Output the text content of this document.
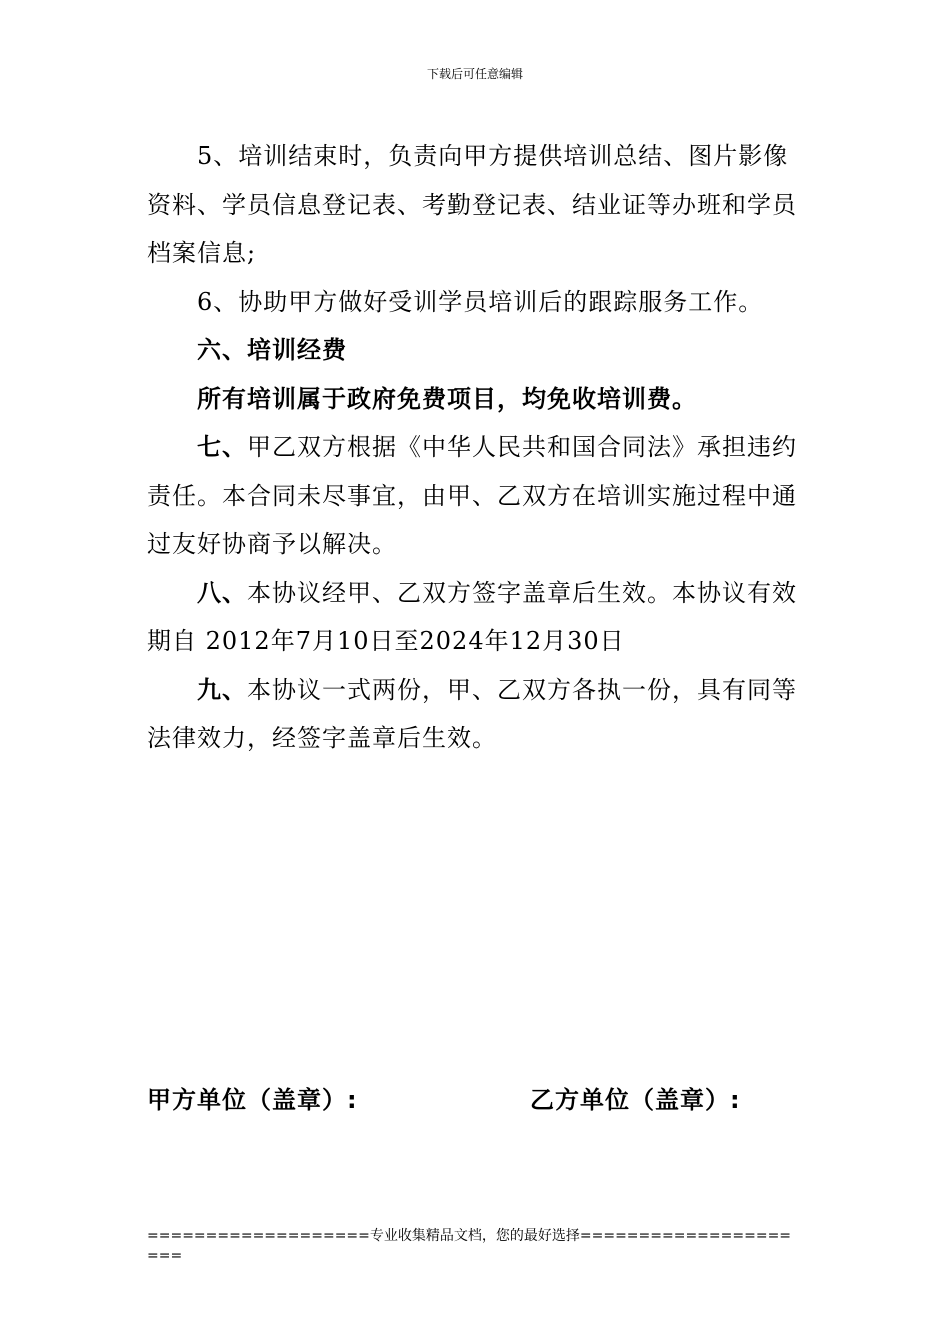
下载后可任意编辑

5、培训结束时，负责向甲方提供培训总结、图片影像资料、学员信息登记表、考勤登记表、结业证等办班和学员档案信息;

6、协助甲方做好受训学员培训后的跟踪服务工作。

六、培训经费

所有培训属于政府免费项目，均免收培训费。

七、甲乙双方根据《中华人民共和国合同法》承担违约责任。本合同未尽事宜，由甲、乙双方在培训实施过程中通过友好协商予以解决。

八、本协议经甲、乙双方签字盖章后生效。本协议有效期自 2012年7月10日至2024年12月30日

九、本协议一式两份，甲、乙双方各执一份，具有同等法律效力，经签字盖章后生效。

甲方单位（盖章）:	乙方单位（盖章）:
===================专业收集精品文档，您的最好选择=====================
